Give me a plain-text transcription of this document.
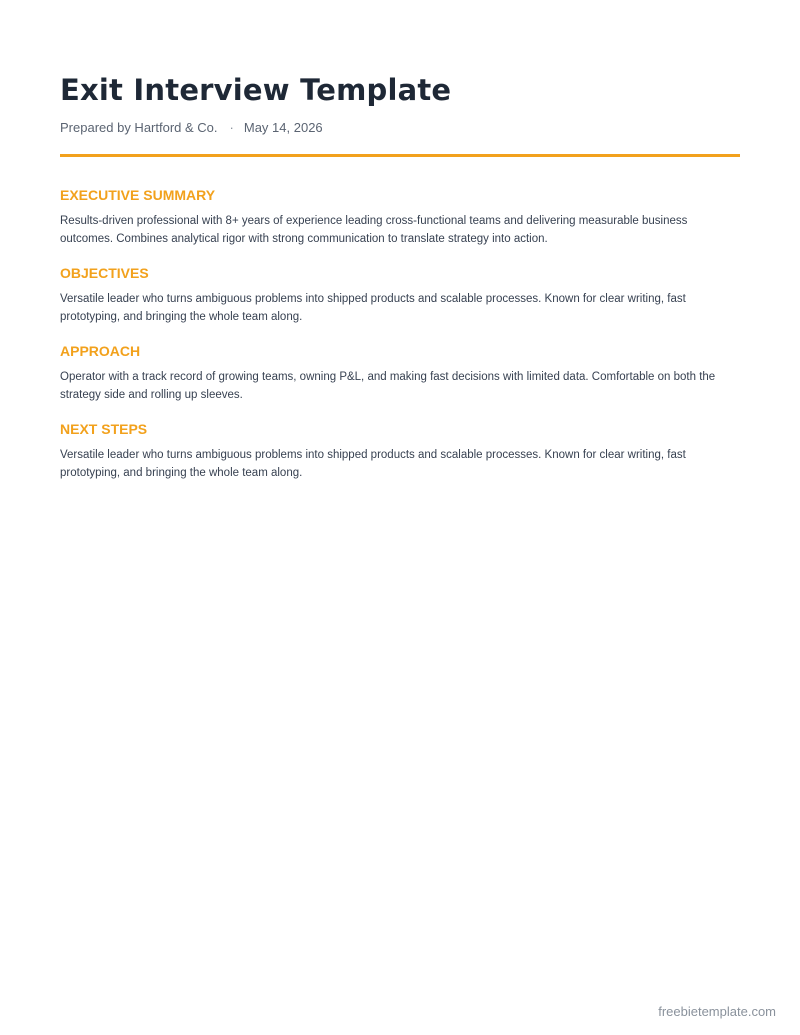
Exit Interview Template
Prepared by Hartford & Co. · May 14, 2026
EXECUTIVE SUMMARY

Results-driven professional with 8+ years of experience leading cross-functional teams and delivering measurable business outcomes. Combines analytical rigor with strong communication to translate strategy into action.

OBJECTIVES

Versatile leader who turns ambiguous problems into shipped products and scalable processes. Known for clear writing, fast prototyping, and bringing the whole team along.

APPROACH

Operator with a track record of growing teams, owning P&L, and making fast decisions with limited data. Comfortable on both the strategy side and rolling up sleeves.

NEXT STEPS

Versatile leader who turns ambiguous problems into shipped products and scalable processes. Known for clear writing, fast prototyping, and bringing the whole team along.

freebietemplate.com
